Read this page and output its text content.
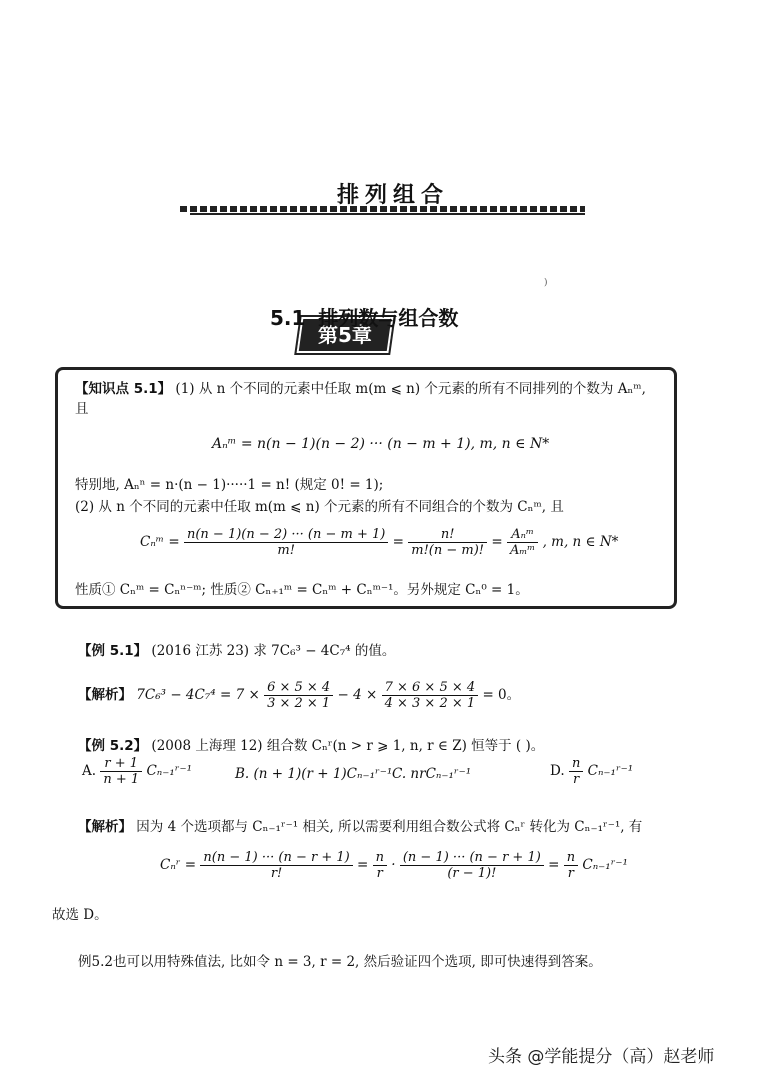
第5章
排列组合
)
5.1 排列数与组合数
【知识点 5.1】 (1) 从 n 个不同的元素中任取 m(m ⩽ n) 个元素的所有不同排列的个数为 Aₙᵐ,
且
Aₙᵐ = n(n − 1)(n − 2) ··· (n − m + 1), m, n ∈ N*
特别地, Aₙⁿ = n·(n − 1)·····1 = n! (规定 0! = 1);
(2) 从 n 个不同的元素中任取 m(m ⩽ n) 个元素的所有不同组合的个数为 Cₙᵐ, 且
Cₙᵐ = $\frac{n(n - 1)(n - 2) \cdot\cdot\cdot (n - m + 1)}{m!} = \frac{n!}{m!(n - m)!} = \frac{\text{Aₙᵐ}}{\text{Aₘᵐ}}$ , m, n ∈ N*
性质① Cₙᵐ = Cₙⁿ⁻ᵐ; 性质② Cₙ₊₁ᵐ = Cₙᵐ + Cₙᵐ⁻¹。另外规定 Cₙ⁰ = 1。
【例 5.1】 (2016 江苏 23) 求 7C₆³ − 4C₇⁴ 的值。
【解析】 $7C_6^3 - 4C_7^4 = 7 \times \frac{6 \times 5 \times 4}{3 \times 2 \times 1} - 4 \times \frac{7 \times 6 \times 5 \times 4}{4 \times 3 \times 2 \times 1} = 0$。
【例 5.2】 (2008 上海理 12) 组合数 Cₙʳ(n > r ⩾ 1, n, r ∈ Z) 恒等于 ( )。
A. $\frac{r + 1}{n + 1}$ Cₙ₋₁ʳ⁻¹	B. (n + 1)(r + 1)Cₙ₋₁ʳ⁻¹ C. nrCₙ₋₁ʳ⁻¹	D. $\frac{n}{r}$ Cₙ₋₁ʳ⁻¹
【解析】 因为 4 个选项都与 Cₙ₋₁ʳ⁻¹ 相关, 所以需要利用组合数公式将 Cₙʳ 转化为 Cₙ₋₁ʳ⁻¹, 有
Cₙʳ = $\frac{n(n - 1) \cdot\cdot\cdot (n - r + 1)}{r!} = \frac{n}{r} \cdot \frac{(n - 1) \cdot\cdot\cdot (n - r + 1)}{(r - 1)!} = \frac{n}{r}$ Cₙ₋₁ʳ⁻¹
故选 D。
例5.2也可以用特殊值法, 比如令 n = 3, r = 2, 然后验证四个选项, 即可快速得到答案。
头条 @学能提分（高）赵老师
